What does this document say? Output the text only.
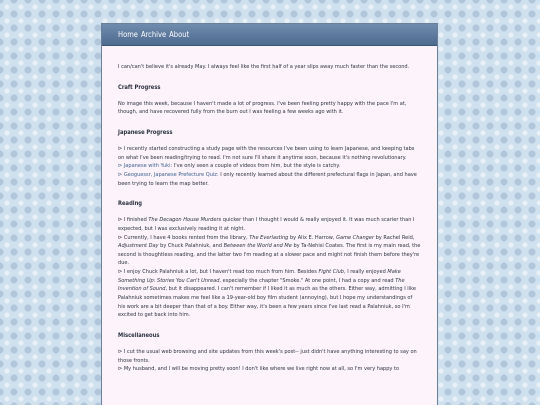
Home Archive About

I can/can't believe it's already May. I always feel like the first half of a year slips away much faster than the second.

Craft Progress

No image this week, because I haven't made a lot of progress. I've been feeling pretty happy with the pace I'm at, though, and have recovered fully from the burn out I was feeling a few weeks ago with it.

Japanese Progress
⊳ I recently started constructing a study page with the resources I've been using to learn Japanese, and keeping tabs on what I've been reading/trying to read. I'm not sure I'll share it anytime soon, because it's nothing revolutionary.
⊳ Japanese with Yuki: I've only seen a couple of videos from him, but the style is catchy.
⊳ Geoguessr, Japanese Prefecture Quiz: I only recently learned about the different prefectural flags in Japan, and have been trying to learn the map better.
Reading
⊳ I finished The Decagon House Murders quicker than I thought I would & really enjoyed it. It was much scarier than I expected, but I was exclusively reading it at night.
⊳ Currently, I have 4 books rented from the library, The Everlasting by Alix E. Harrow, Game Changer by Rachel Reid, Adjustment Day by Chuck Palahniuk, and Between the World and Me by Ta-Nehisi Coates. The first is my main read, the second is thoughtless reading, and the latter two I'm reading at a slower pace and might not finish them before they're due.
⊳ I enjoy Chuck Palahniuk a lot, but I haven't read too much from him. Besides Fight Club, I really enjoyed Make Something Up: Stories You Can't Unread, especially the chapter "Smoke." At one point, I had a copy and read The Invention of Sound, but it disappeared. I can't remember if I liked it as much as the others. Either way, admitting I like Palahniuk sometimes makes me feel like a 19-year-old boy film student (annoying), but I hope my understandings of his work are a bit deeper than that of a boy. Either way, it's been a few years since I've last read a Palahniuk, so I'm excited to get back into him.
Miscellaneous
⊳ I cut the usual web browsing and site updates from this week's post-- just didn't have anything interesting to say on those fronts.
⊳ My husband, and I will be moving pretty soon! I don't like where we live right now at all, so I'm very happy to
